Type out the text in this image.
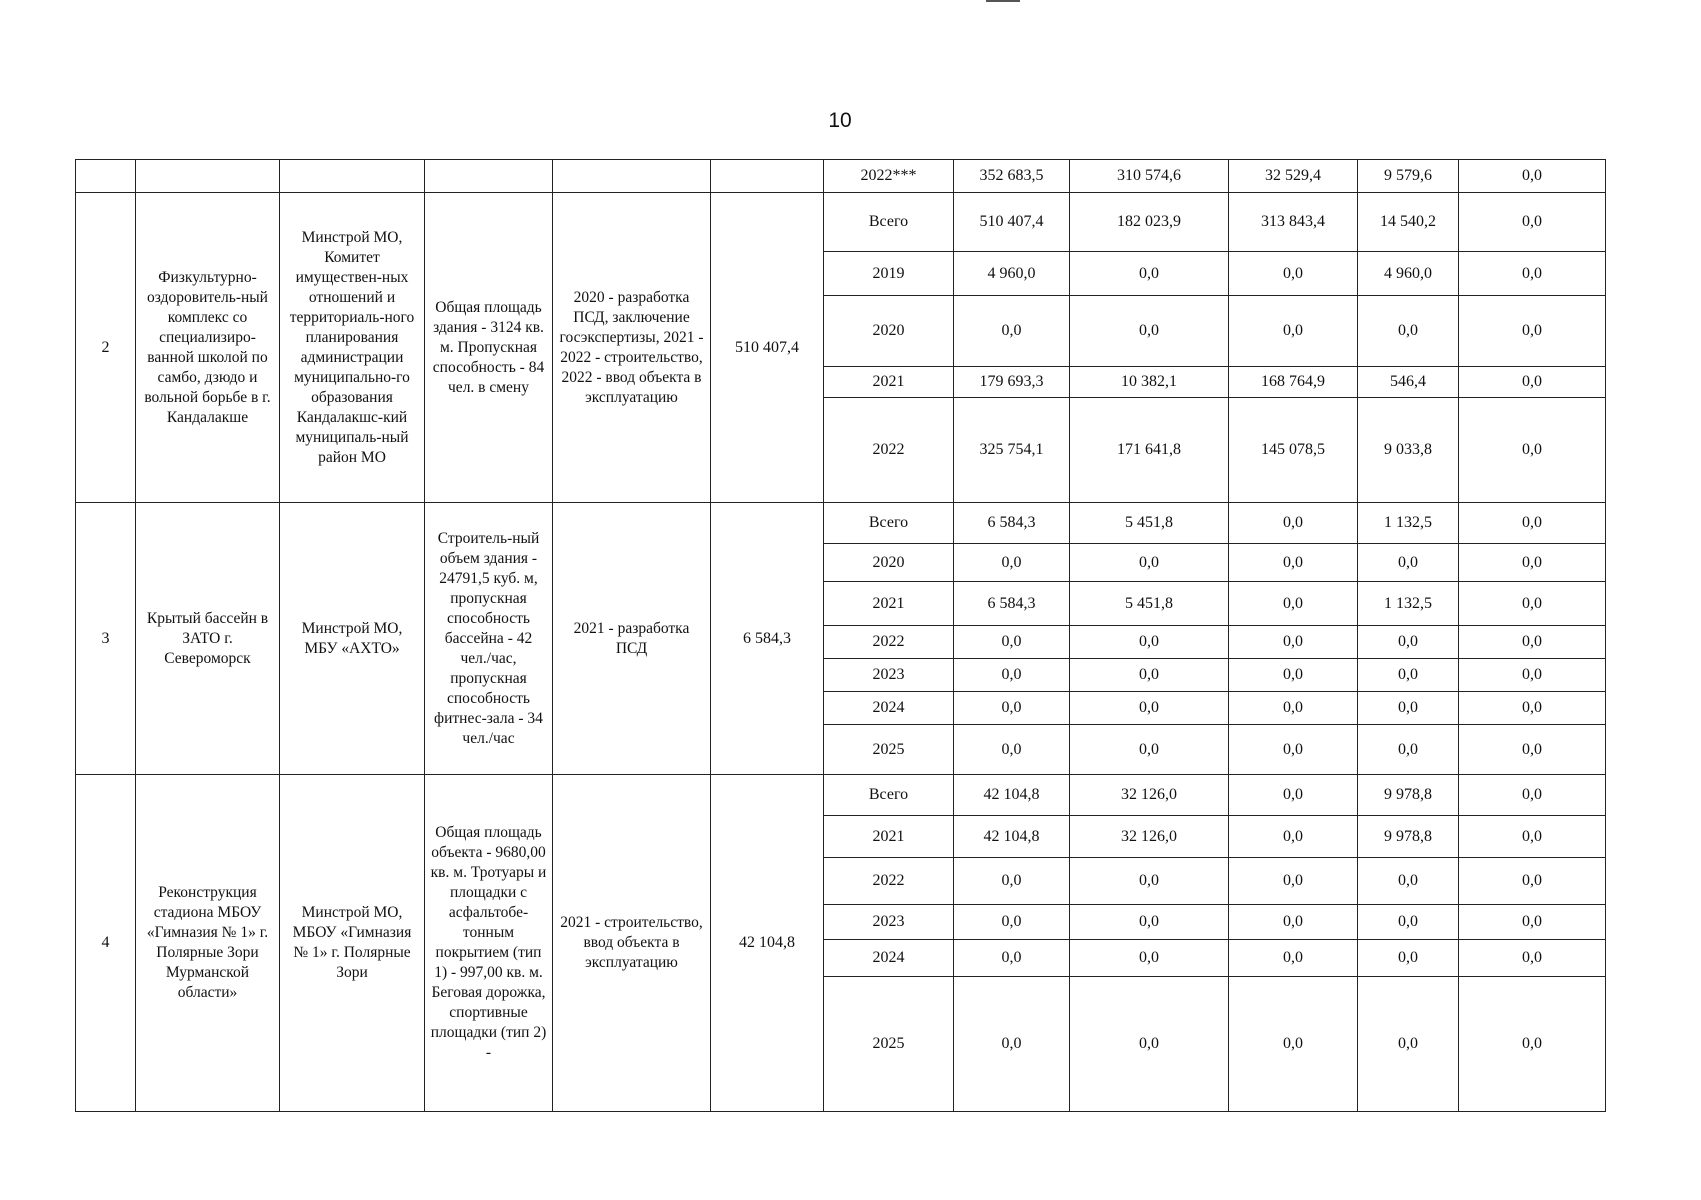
10
						2022***	352 683,5	310 574,6	32 529,4	9 579,6	0,0
2	Физкультурно-оздоровитель-ный комплекс со специализиро-ванной школой по самбо, дзюдо и вольной борьбе в г. Кандалакше	Минстрой МО, Комитет имуществен-ных отношений и территориаль-ного планирования администрации муниципально-го образования Кандалакшс-кий муниципаль-ный район МО	Общая площадь здания - 3124 кв. м. Пропускная способность - 84 чел. в смену	2020 - разработка ПСД, заключение госэкспертизы, 2021 - 2022 - строительство, 2022 - ввод объекта в эксплуатацию	510 407,4	Всего	510 407,4	182 023,9	313 843,4	14 540,2	0,0
						2019	4 960,0	0,0	0,0	4 960,0	0,0
						2020	0,0	0,0	0,0	0,0	0,0
						2021	179 693,3	10 382,1	168 764,9	546,4	0,0
						2022	325 754,1	171 641,8	145 078,5	9 033,8	0,0
3	Крытый бассейн в ЗАТО г. Североморск	Минстрой МО, МБУ «АХТО»	Строитель-ный объем здания - 24791,5 куб. м, пропускная способность бассейна - 42 чел./час, пропускная способность фитнес-зала - 34 чел./час	2021 - разработка ПСД	6 584,3	Всего	6 584,3	5 451,8	0,0	1 132,5	0,0
						2020	0,0	0,0	0,0	0,0	0,0
						2021	6 584,3	5 451,8	0,0	1 132,5	0,0
						2022	0,0	0,0	0,0	0,0	0,0
						2023	0,0	0,0	0,0	0,0	0,0
						2024	0,0	0,0	0,0	0,0	0,0
						2025	0,0	0,0	0,0	0,0	0,0
4	Реконструкция стадиона МБОУ «Гимназия № 1» г. Полярные Зори Мурманской области»	Минстрой МО, МБОУ «Гимназия № 1» г. Полярные Зори	Общая площадь объекта - 9680,00 кв. м. Тротуары и площадки с асфальтобе-тонным покрытием (тип 1) - 997,00 кв. м. Беговая дорожка, спортивные площадки (тип 2) -	2021 - строительство, ввод объекта в эксплуатацию	42 104,8	Всего	42 104,8	32 126,0	0,0	9 978,8	0,0
						2021	42 104,8	32 126,0	0,0	9 978,8	0,0
						2022	0,0	0,0	0,0	0,0	0,0
						2023	0,0	0,0	0,0	0,0	0,0
						2024	0,0	0,0	0,0	0,0	0,0
						2025	0,0	0,0	0,0	0,0	0,0
